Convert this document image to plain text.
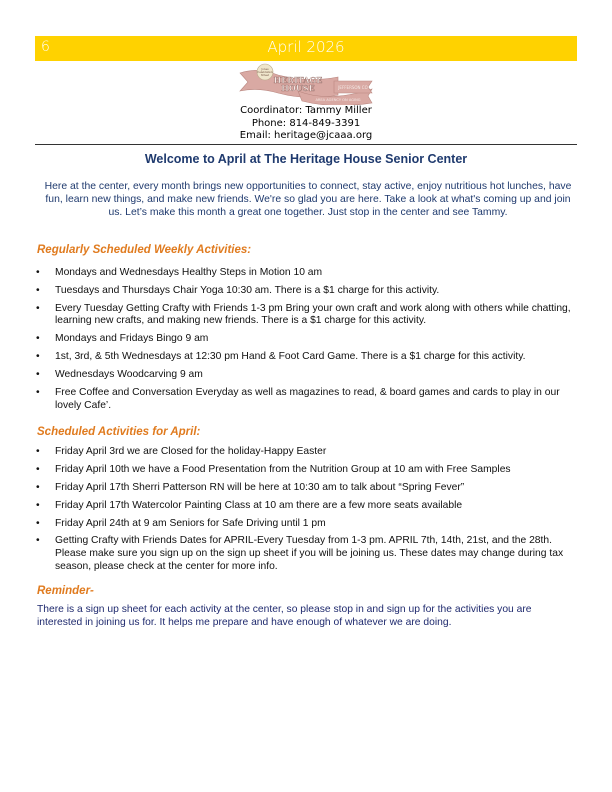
6	April 2026
Jones
Celebration
Street HERITAGE
HOUSE	JEFFERSON CO
AREA AGENCY ON AGING
Coordinator: Tammy Miller
Phone: 814-849-3391
Email: heritage@jcaaa.org
Welcome to April at The Heritage House Senior Center
Here at the center, every month brings new opportunities to connect, stay active, enjoy nutritious hot lunches, have fun, learn new things, and make new friends. We're so glad you are here. Take a look at what's coming up and join us. Let’s make this month a great one together. Just stop in the center and see Tammy.
Regularly Scheduled Weekly Activities:
• Mondays and Wednesdays Healthy Steps in Motion 10 am
• Tuesdays and Thursdays Chair Yoga 10:30 am. There is a $1 charge for this activity.
• Every Tuesday Getting Crafty with Friends 1-3 pm Bring your own craft and work along with others while chatting, learning new crafts, and making new friends. There is a $1 charge for this activity.
• Mondays and Fridays Bingo 9 am
• 1st, 3rd, & 5th Wednesdays at 12:30 pm Hand & Foot Card Game. There is a $1 charge for this activity.
• Wednesdays Woodcarving 9 am
• Free Coffee and Conversation Everyday as well as magazines to read, & board games and cards to play in our lovely Cafe’.
Scheduled Activities for April:
• Friday April 3rd we are Closed for the holiday-Happy Easter
• Friday April 10th we have a Food Presentation from the Nutrition Group at 10 am with Free Samples
• Friday April 17th Sherri Patterson RN will be here at 10:30 am to talk about “Spring Fever”
• Friday April 17th Watercolor Painting Class at 10 am there are a few more seats available
• Friday April 24th at 9 am Seniors for Safe Driving until 1 pm
• Getting Crafty with Friends Dates for APRIL-Every Tuesday from 1-3 pm. APRIL 7th, 14th, 21st, and the 28th. Please make sure you sign up on the sign up sheet if you will be joining us. These dates may change during tax season, please check at the center for more info.
Reminder-
There is a sign up sheet for each activity at the center, so please stop in and sign up for the activities you are interested in joining us for. It helps me prepare and have enough of whatever we are doing.
